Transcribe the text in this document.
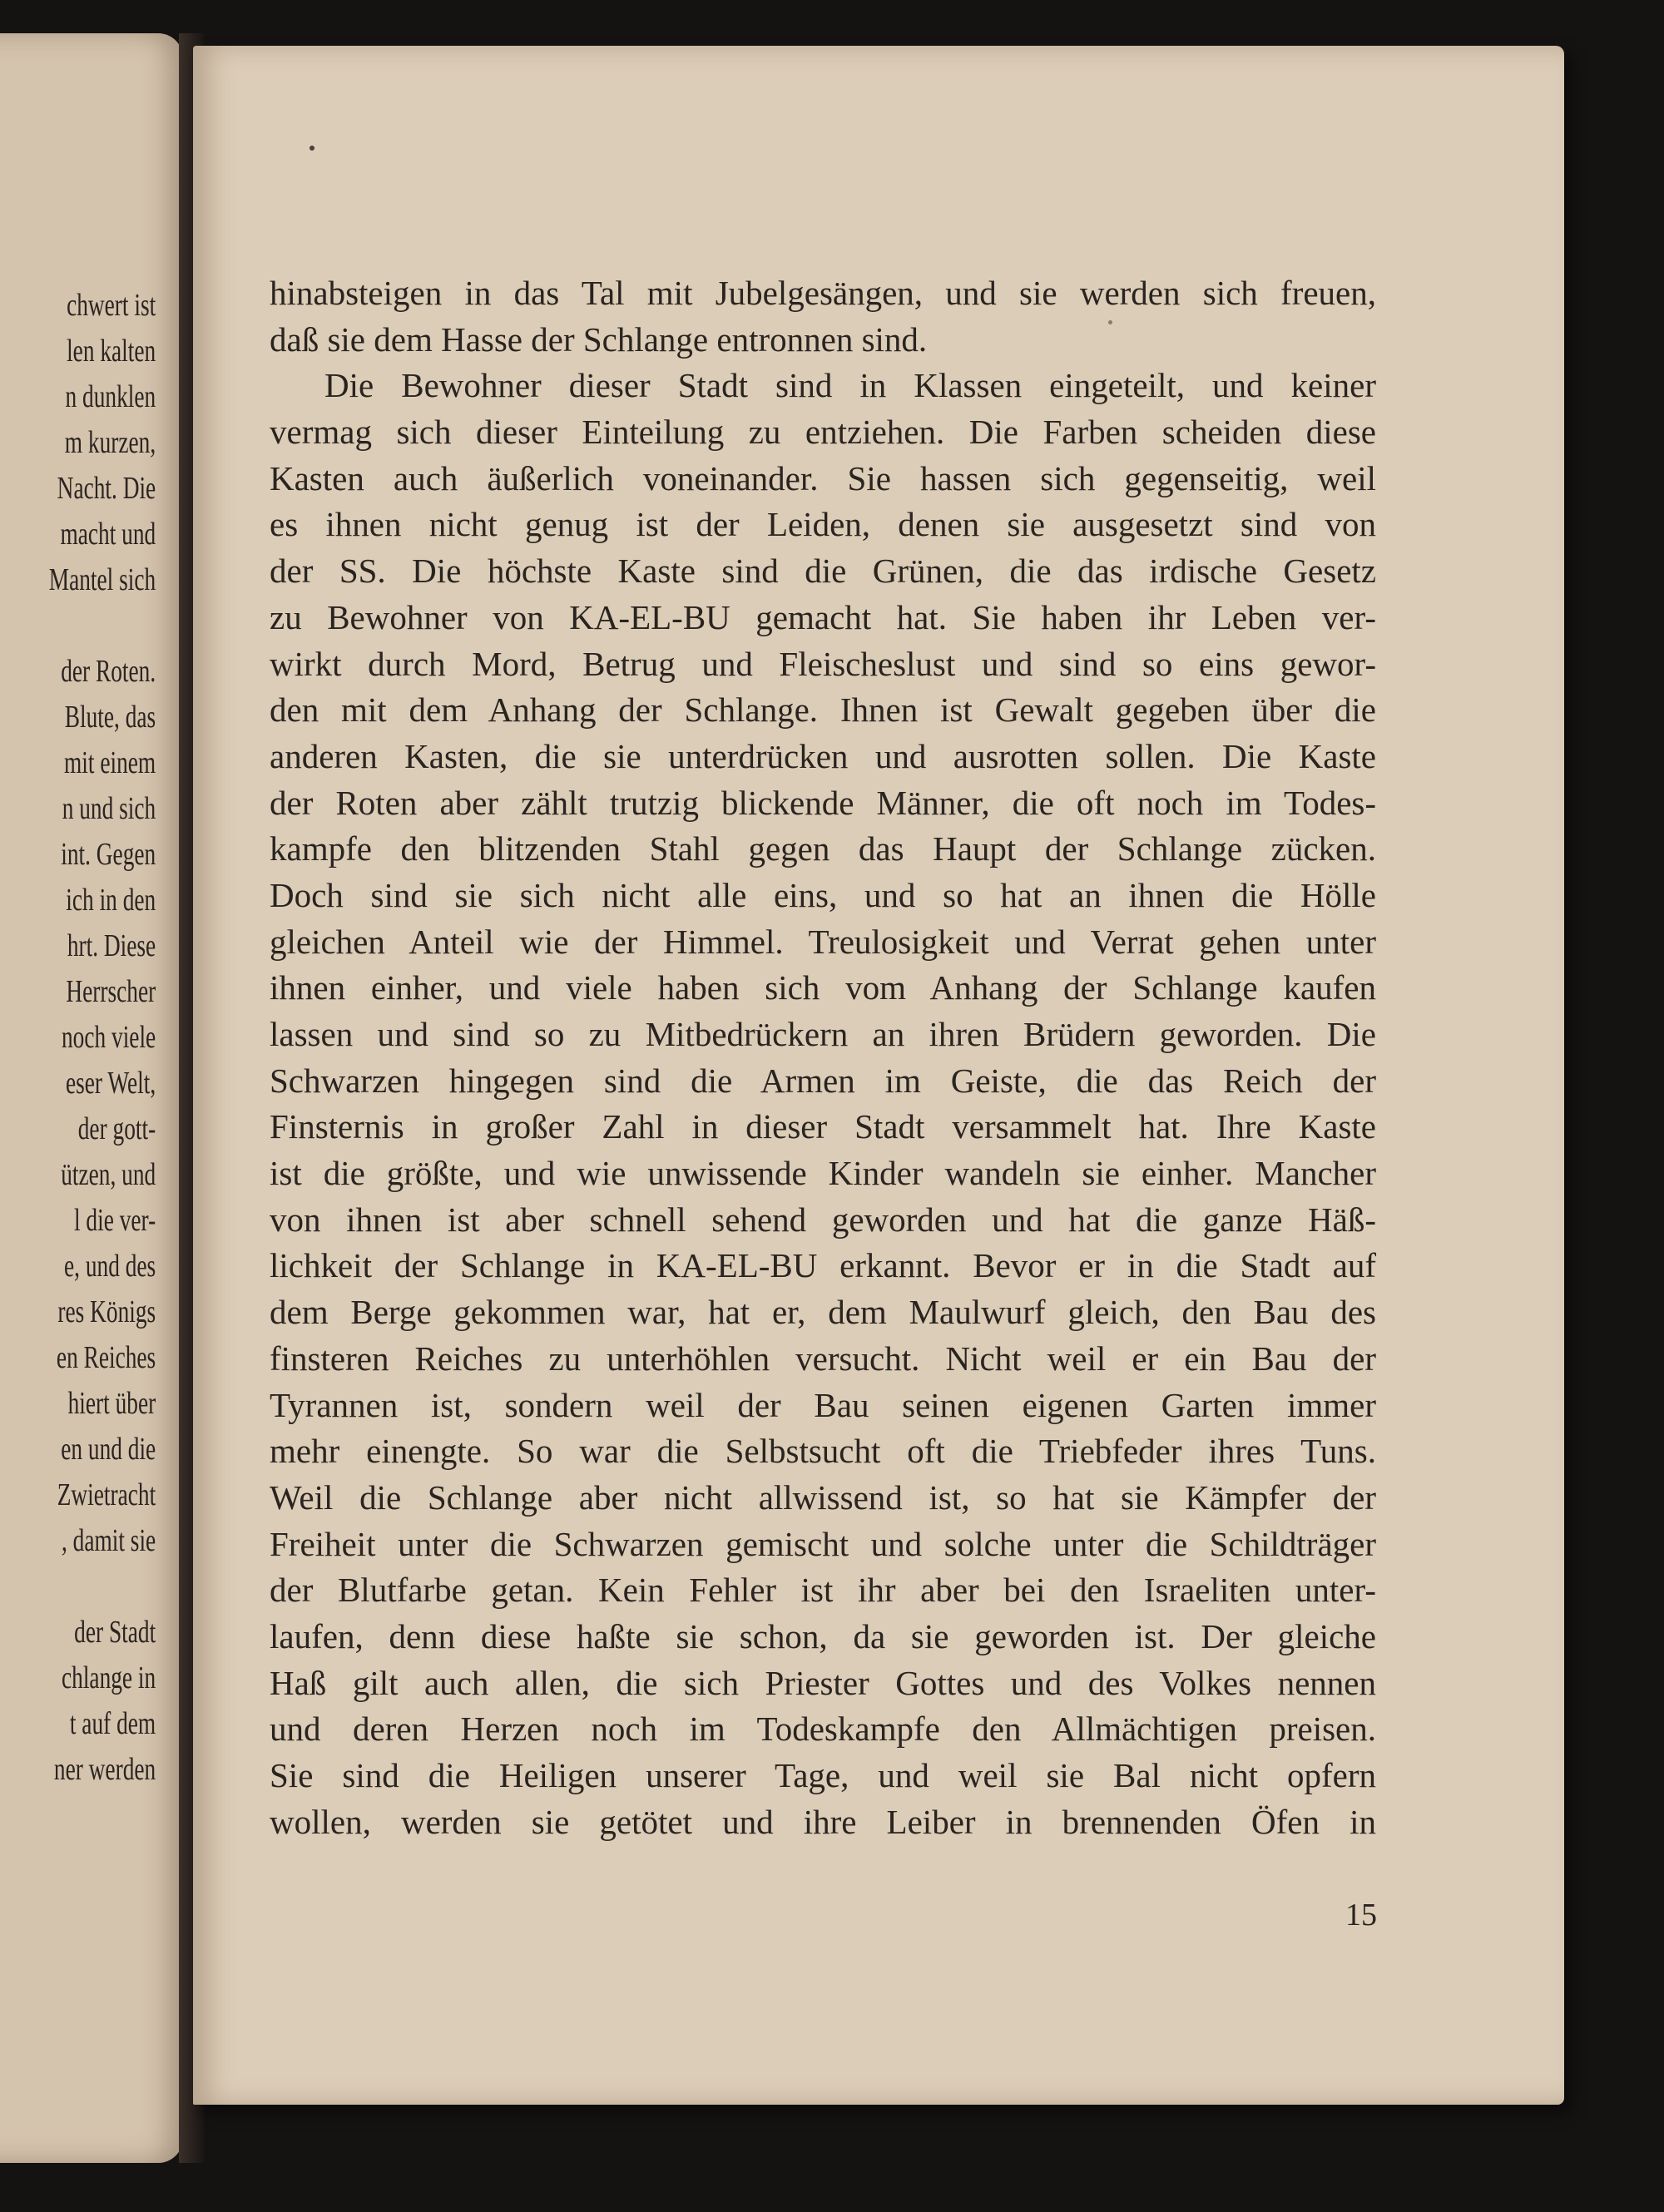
chwert ist
len kalten
n dunklen
m kurzen,
Nacht. Die
macht und
Mantel sich
der Roten.
Blute, das
mit einem
n und sich
int. Gegen
ich in den
hrt. Diese
Herrscher
noch viele
eser Welt,
der gott-
ützen, und
l die ver-
e, und des
res Königs
en Reiches
hiert über
en und die
Zwietracht
, damit sie
der Stadt
chlange in
t auf dem
ner werden
hinabsteigen in das Tal mit Jubelgesängen, und sie werden sich freuen,
daß sie dem Hasse der Schlange entronnen sind.
Die Bewohner dieser Stadt sind in Klassen eingeteilt, und keiner
vermag sich dieser Einteilung zu entziehen. Die Farben scheiden diese
Kasten auch äußerlich voneinander. Sie hassen sich gegenseitig, weil
es ihnen nicht genug ist der Leiden, denen sie ausgesetzt sind von
der SS. Die höchste Kaste sind die Grünen, die das irdische Gesetz
zu Bewohner von KA-EL-BU gemacht hat. Sie haben ihr Leben ver-
wirkt durch Mord, Betrug und Fleischeslust und sind so eins gewor-
den mit dem Anhang der Schlange. Ihnen ist Gewalt gegeben über die
anderen Kasten, die sie unterdrücken und ausrotten sollen. Die Kaste
der Roten aber zählt trutzig blickende Männer, die oft noch im Todes-
kampfe den blitzenden Stahl gegen das Haupt der Schlange zücken.
Doch sind sie sich nicht alle eins, und so hat an ihnen die Hölle
gleichen Anteil wie der Himmel. Treulosigkeit und Verrat gehen unter
ihnen einher, und viele haben sich vom Anhang der Schlange kaufen
lassen und sind so zu Mitbedrückern an ihren Brüdern geworden. Die
Schwarzen hingegen sind die Armen im Geiste, die das Reich der
Finsternis in großer Zahl in dieser Stadt versammelt hat. Ihre Kaste
ist die größte, und wie unwissende Kinder wandeln sie einher. Mancher
von ihnen ist aber schnell sehend geworden und hat die ganze Häß-
lichkeit der Schlange in KA-EL-BU erkannt. Bevor er in die Stadt auf
dem Berge gekommen war, hat er, dem Maulwurf gleich, den Bau des
finsteren Reiches zu unterhöhlen versucht. Nicht weil er ein Bau der
Tyrannen ist, sondern weil der Bau seinen eigenen Garten immer
mehr einengte. So war die Selbstsucht oft die Triebfeder ihres Tuns.
Weil die Schlange aber nicht allwissend ist, so hat sie Kämpfer der
Freiheit unter die Schwarzen gemischt und solche unter die Schildträger
der Blutfarbe getan. Kein Fehler ist ihr aber bei den Israeliten unter-
laufen, denn diese haßte sie schon, da sie geworden ist. Der gleiche
Haß gilt auch allen, die sich Priester Gottes und des Volkes nennen
und deren Herzen noch im Todeskampfe den Allmächtigen preisen.
Sie sind die Heiligen unserer Tage, und weil sie Bal nicht opfern
wollen, werden sie getötet und ihre Leiber in brennenden Öfen in
15
